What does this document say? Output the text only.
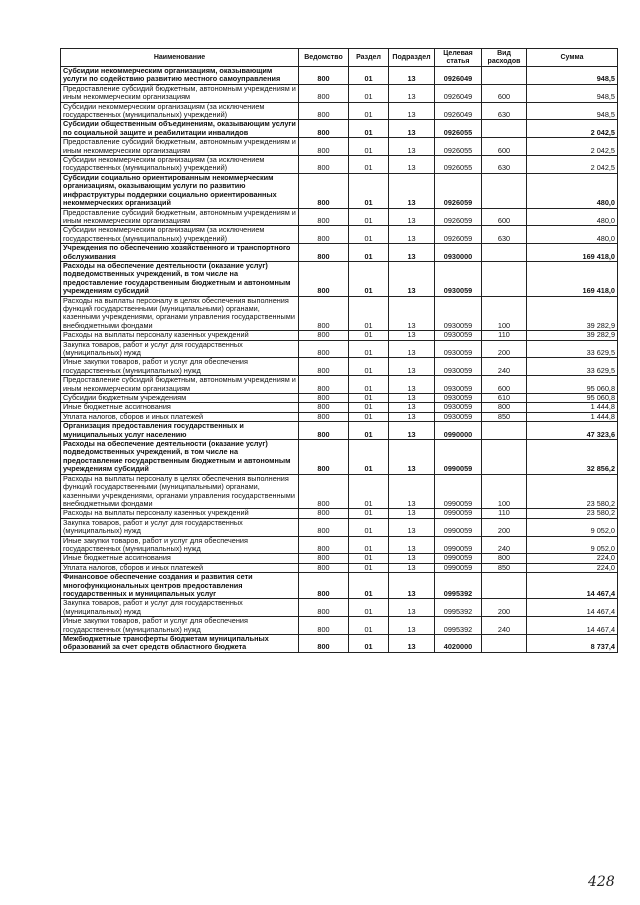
Наименование	Ведомство	Раздел	Подраздел	Целевая статья	Вид расходов	Сумма
Субсидии некоммерческим организациям, оказывающим услуги по содействию развитию местного самоуправления	800	01	13	0926049		948,5
Предоставление субсидий бюджетным, автономным учреждениям и иным некоммерческим организациям	800	01	13	0926049	600	948,5
Субсидии некоммерческим организациям (за исключением государственных (муниципальных) учреждений)	800	01	13	0926049	630	948,5
Субсидии общественным объединениям, оказывающим услуги по социальной защите и реабилитации инвалидов	800	01	13	0926055		2 042,5
Предоставление субсидий бюджетным, автономным учреждениям и иным некоммерческим организациям	800	01	13	0926055	600	2 042,5
Субсидии некоммерческим организациям (за исключением государственных (муниципальных) учреждений)	800	01	13	0926055	630	2 042,5
Субсидии социально ориентированным некоммерческим организациям, оказывающим услуги по развитию инфраструктуры поддержки социально ориентированных некоммерческих организаций	800	01	13	0926059		480,0
Предоставление субсидий бюджетным, автономным учреждениям и иным некоммерческим организациям	800	01	13	0926059	600	480,0
Субсидии некоммерческим организациям (за исключением государственных (муниципальных) учреждений)	800	01	13	0926059	630	480,0
Учреждения по обеспечению хозяйственного и транспортного обслуживания	800	01	13	0930000		169 418,0
Расходы на обеспечение деятельности (оказание услуг) подведомственных учреждений, в том числе на предоставление государственным бюджетным и автономным учреждениям субсидий	800	01	13	0930059		169 418,0
Расходы на выплаты персоналу в целях обеспечения выполнения функций государственными (муниципальными) органами, казенными учреждениями, органами управления государственными внебюджетными фондами	800	01	13	0930059	100	39 282,9
Расходы на выплаты персоналу казенных учреждений	800	01	13	0930059	110	39 282,9
Закупка товаров, работ и услуг для государственных (муниципальных) нужд	800	01	13	0930059	200	33 629,5
Иные закупки товаров, работ и услуг для обеспечения государственных (муниципальных) нужд	800	01	13	0930059	240	33 629,5
Предоставление субсидий бюджетным, автономным учреждениям и иным некоммерческим организациям	800	01	13	0930059	600	95 060,8
Субсидии бюджетным учреждениям	800	01	13	0930059	610	95 060,8
Иные бюджетные ассигнования	800	01	13	0930059	800	1 444,8
Уплата налогов, сборов и иных платежей	800	01	13	0930059	850	1 444,8
Организация предоставления государственных и муниципальных услуг населению	800	01	13	0990000		47 323,6
Расходы на обеспечение деятельности (оказание услуг) подведомственных учреждений, в том числе на предоставление государственным бюджетным и автономным учреждениям субсидий	800	01	13	0990059		32 856,2
Расходы на выплаты персоналу в целях обеспечения выполнения функций государственными (муниципальными) органами, казенными учреждениями, органами управления государственными внебюджетными фондами	800	01	13	0990059	100	23 580,2
Расходы на выплаты персоналу казенных учреждений	800	01	13	0990059	110	23 580,2
Закупка товаров, работ и услуг для государственных (муниципальных) нужд	800	01	13	0990059	200	9 052,0
Иные закупки товаров, работ и услуг для обеспечения государственных (муниципальных) нужд	800	01	13	0990059	240	9 052,0
Иные бюджетные ассигнования	800	01	13	0990059	800	224,0
Уплата налогов, сборов и иных платежей	800	01	13	0990059	850	224,0
Финансовое обеспечение создания и развития сети многофункциональных центров предоставления государственных и муниципальных услуг	800	01	13	0995392		14 467,4
Закупка товаров, работ и услуг для государственных (муниципальных) нужд	800	01	13	0995392	200	14 467,4
Иные закупки товаров, работ и услуг для обеспечения государственных (муниципальных) нужд	800	01	13	0995392	240	14 467,4
Межбюджетные трансферты бюджетам муниципальных образований за счет средств областного бюджета	800	01	13	4020000		8 737,4
428
